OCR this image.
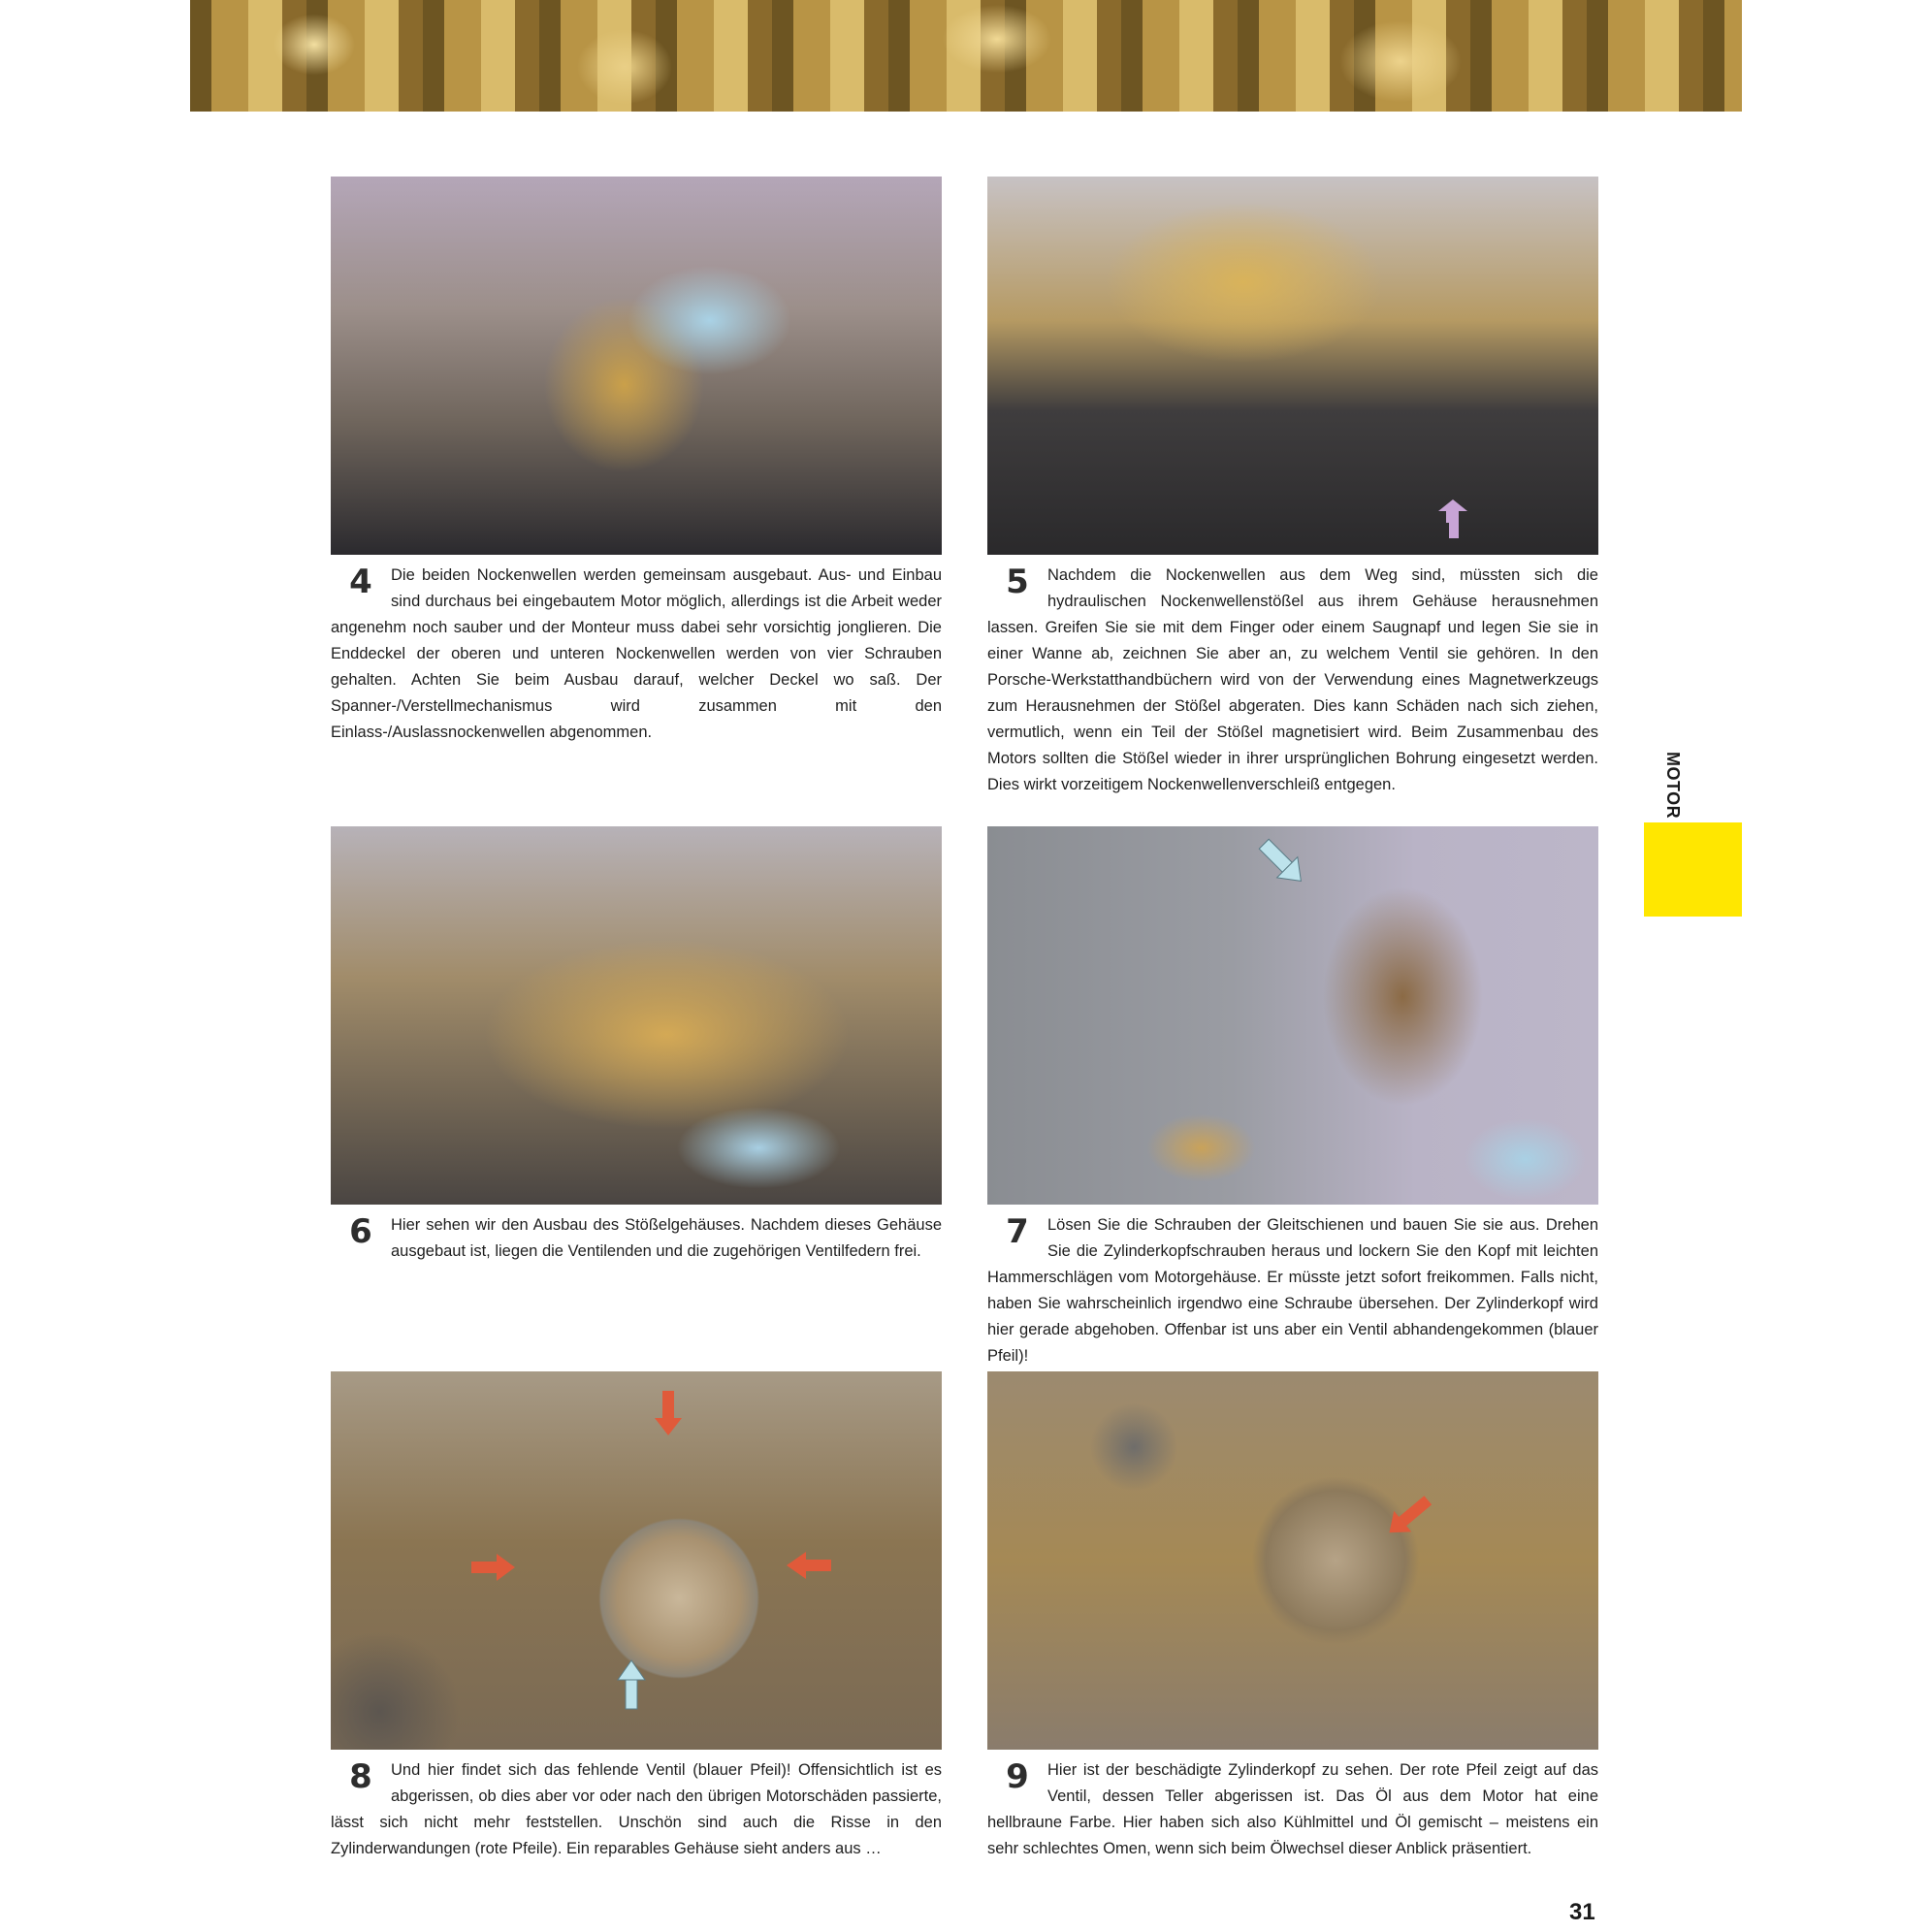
4	Die beiden Nockenwellen werden gemeinsam ausgebaut. Aus- und Einbau sind durchaus bei eingebautem Motor möglich, allerdings ist die Arbeit weder angenehm noch sauber und der Monteur muss dabei sehr vorsichtig jonglieren. Die Enddeckel der oberen und unteren Nockenwellen werden von vier Schrauben gehalten. Achten Sie beim Ausbau darauf, welcher Deckel wo saß. Der Spanner-/Verstellmechanismus wird zusammen mit den Einlass-/Auslassnockenwellen abgenommen.
5	Nachdem die Nockenwellen aus dem Weg sind, müssten sich die hydraulischen Nockenwellenstößel aus ihrem Gehäuse herausnehmen lassen. Greifen Sie sie mit dem Finger oder einem Saugnapf und legen Sie sie in einer Wanne ab, zeichnen Sie aber an, zu welchem Ventil sie gehören. In den Porsche-Werkstatthandbüchern wird von der Verwendung eines Magnetwerkzeugs zum Herausnehmen der Stößel abgeraten. Dies kann Schäden nach sich ziehen, vermutlich, wenn ein Teil der Stößel magnetisiert wird. Beim Zusammenbau des Motors sollten die Stößel wieder in ihrer ursprünglichen Bohrung eingesetzt werden. Dies wirkt vorzeitigem Nockenwellenverschleiß entgegen.	MOTOR
6	Hier sehen wir den Ausbau des Stößelgehäuses. Nachdem dieses Gehäuse ausgebaut ist, liegen die Ventilenden und die zugehörigen Ventilfedern frei.	7	Lösen Sie die Schrauben der Gleitschienen und bauen Sie sie aus. Drehen Sie die Zylinderkopfschrauben heraus und lockern Sie den Kopf mit leichten Hammerschlägen vom Motorgehäuse. Er müsste jetzt sofort freikommen. Falls nicht, haben Sie wahrscheinlich irgendwo eine Schraube übersehen. Der Zylinderkopf wird hier gerade abgehoben. Offenbar ist uns aber ein Ventil abhandengekommen (blauer Pfeil)!
8	Und hier findet sich das fehlende Ventil (blauer Pfeil)! Offensichtlich ist es abgerissen, ob dies aber vor oder nach den übrigen Motorschäden passierte, lässt sich nicht mehr feststellen. Unschön sind auch die Risse in den Zylinderwandungen (rote Pfeile). Ein reparables Gehäuse sieht anders aus …
9	Hier ist der beschädigte Zylinderkopf zu sehen. Der rote Pfeil zeigt auf das Ventil, dessen Teller abgerissen ist. Das Öl aus dem Motor hat eine hellbraune Farbe. Hier haben sich also Kühlmittel und Öl gemischt – meistens ein sehr schlechtes Omen, wenn sich beim Ölwechsel dieser Anblick präsentiert.
31
